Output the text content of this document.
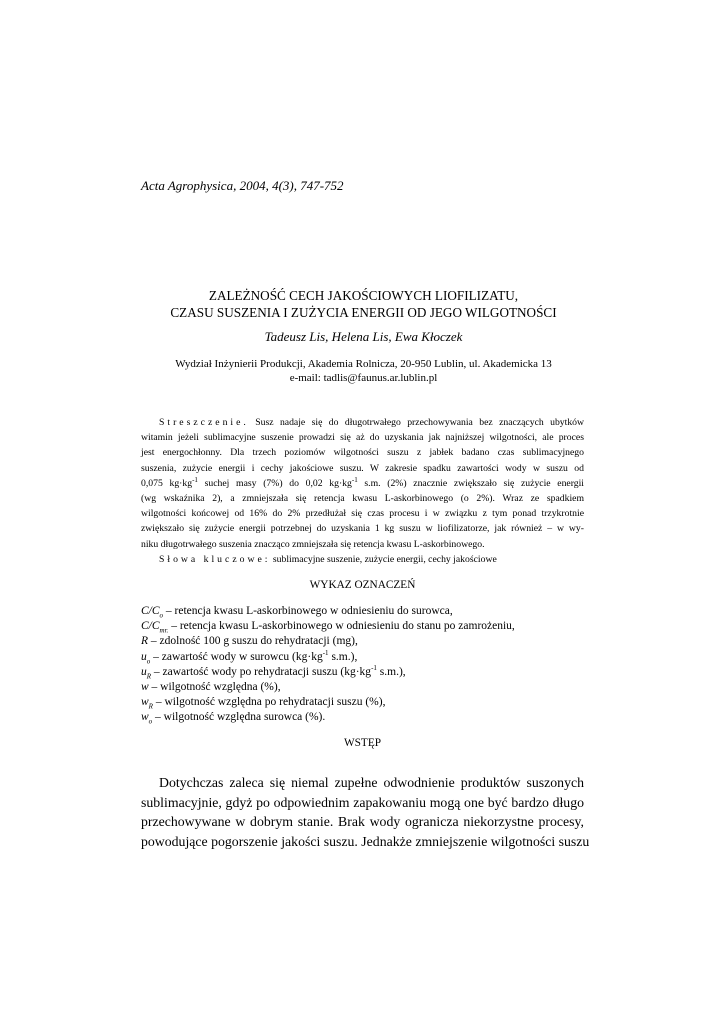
Acta Agrophysica, 2004, 4(3), 747-752
ZALEŻNOŚĆ CECH JAKOŚCIOWYCH LIOFILIZATU,
CZASU SUSZENIA I ZUŻYCIA ENERGII OD JEGO WILGOTNOŚCI
Tadeusz Lis, Helena Lis, Ewa Kłoczek
Wydział Inżynierii Produkcji, Akademia Rolnicza, 20-950 Lublin, ul. Akademicka 13
e-mail: tadlis@faunus.ar.lublin.pl
Streszczenie. Susz nadaje się do długotrwałego przechowywania bez znaczących ubytków
witamin jeżeli sublimacyjne suszenie prowadzi się aż do uzyskania jak najniższej wilgotności, ale proces
jest energochłonny. Dla trzech poziomów wilgotności suszu z jabłek badano czas sublimacyjnego
suszenia, zużycie energii i cechy jakościowe suszu. W zakresie spadku zawartości wody w suszu od
0,075 $kg\cdot kg^{-1}$ suchej masy (7%) do 0,02 $kg\cdot kg^{-1}$ s.m. (2%) znacznie zwiększało się zużycie energii
(wg wskaźnika 2), a zmniejszała się retencja kwasu L-askorbinowego (o 2%). Wraz ze spadkiem
wilgotności końcowej od 16% do 2% przedłużał się czas procesu i w związku z tym ponad trzykrotnie
zwiększało się zużycie energii potrzebnej do uzyskania 1 kg suszu w liofilizatorze, jak również – w wy-
niku długotrwałego suszenia znacząco zmniejszała się retencja kwasu L-askorbinowego.
Słowa kluczowe: sublimacyjne suszenie, zużycie energii, cechy jakościowe
WYKAZ OZNACZEŃ
$C/C_o$ – retencja kwasu L-askorbinowego w odniesieniu do surowca,
$C/C_{mr.}$ – retencja kwasu L-askorbinowego w odniesieniu do stanu po zamrożeniu,
R – zdolność 100 g suszu do rehydratacji (mg),
$u_o$ – zawartość wody w surowcu ($kg\cdot kg^{-1}$ s.m.),
$u_R$ – zawartość wody po rehydratacji suszu ($kg\cdot kg^{-1}$ s.m.),
w – wilgotność względna (%),
$w_R$ – wilgotność względna po rehydratacji suszu (%),
$w_o$ – wilgotność względna surowca (%).
WSTĘP
Dotychczas zaleca się niemal zupełne odwodnienie produktów suszonych
sublimacyjnie, gdyż po odpowiednim zapakowaniu mogą one być bardzo długo
przechowywane w dobrym stanie. Brak wody ogranicza niekorzystne procesy,
powodujące pogorszenie jakości suszu. Jednakże zmniejszenie wilgotności suszu
